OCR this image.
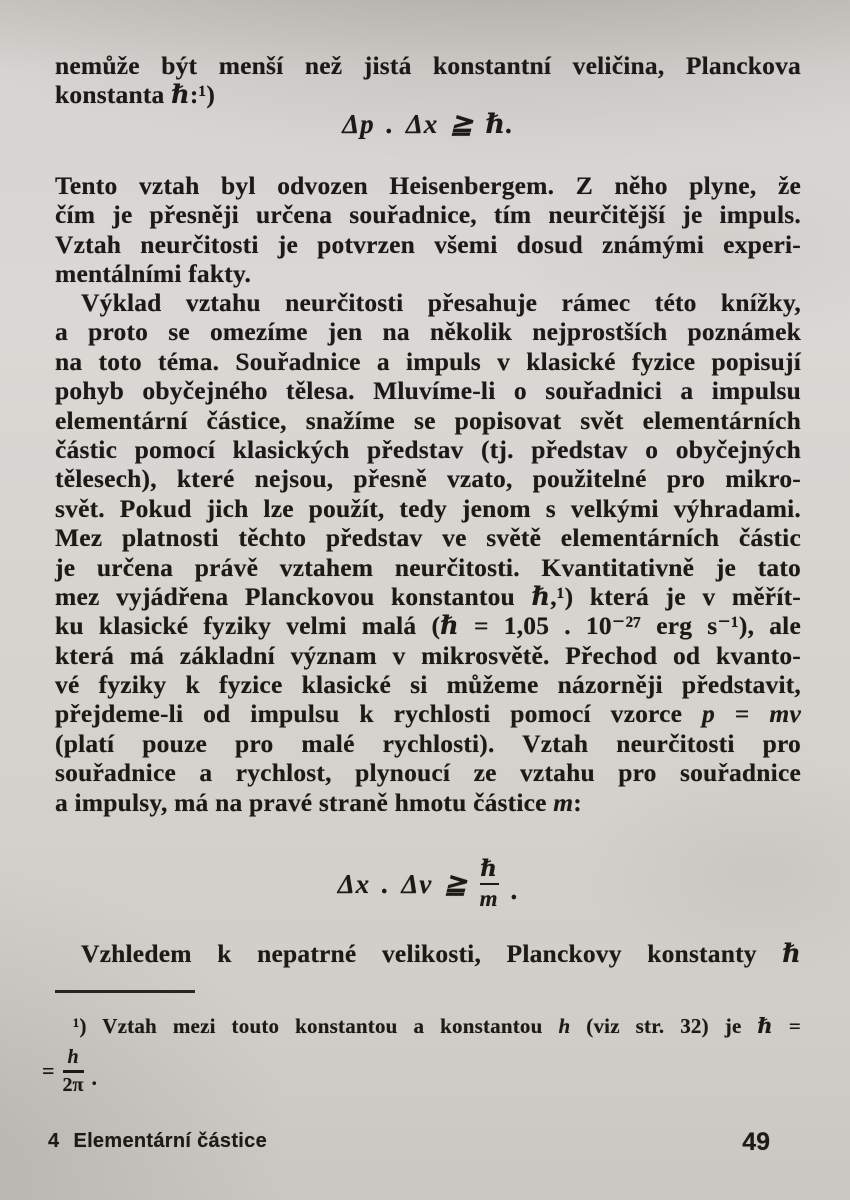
nemůže být menší než jistá konstantní veličina, Planckova
konstanta ℏ:¹)
Δp . Δx ≧ ℏ.
Tento vztah byl odvozen Heisenbergem. Z něho plyne, že
čím je přesněji určena souřadnice, tím neurčitější je impuls.
Vztah neurčitosti je potvrzen všemi dosud známými experi-
mentálními fakty.
Výklad vztahu neurčitosti přesahuje rámec této knížky,
a proto se omezíme jen na několik nejprostších poznámek
na toto téma. Souřadnice a impuls v klasické fyzice popisují
pohyb obyčejného tělesa. Mluvíme-li o souřadnici a impulsu
elementární částice, snažíme se popisovat svět elementárních
částic pomocí klasických představ (tj. představ o obyčejných
tělesech), které nejsou, přesně vzato, použitelné pro mikro-
svět. Pokud jich lze použít, tedy jenom s velkými výhradami.
Mez platnosti těchto představ ve světě elementárních částic
je určena právě vztahem neurčitosti. Kvantitativně je tato
mez vyjádřena Planckovou konstantou ℏ,¹) která je v měřít-
ku klasické fyziky velmi malá (ℏ = 1,05 . 10⁻²⁷ erg s⁻¹), ale
která má základní význam v mikrosvětě. Přechod od kvanto-
vé fyziky k fyzice klasické si můžeme názorněji představit,
přejdeme-li od impulsu k rychlosti pomocí vzorce p = mv
(platí pouze pro malé rychlosti). Vztah neurčitosti pro
souřadnice a rychlost, plynoucí ze vztahu pro souřadnice
a impulsy, má na pravé straně hmotu částice m:
Δx . Δv ≧ $\frac{\text{ℏ}}{m}$ .
Vzhledem k nepatrné velikosti, Planckovy konstanty ℏ
¹) Vztah mezi touto konstantou a konstantou h (viz str. 32) je ℏ =
= $\frac{h}{2\pi}$ .
4 Elementární částice	49
